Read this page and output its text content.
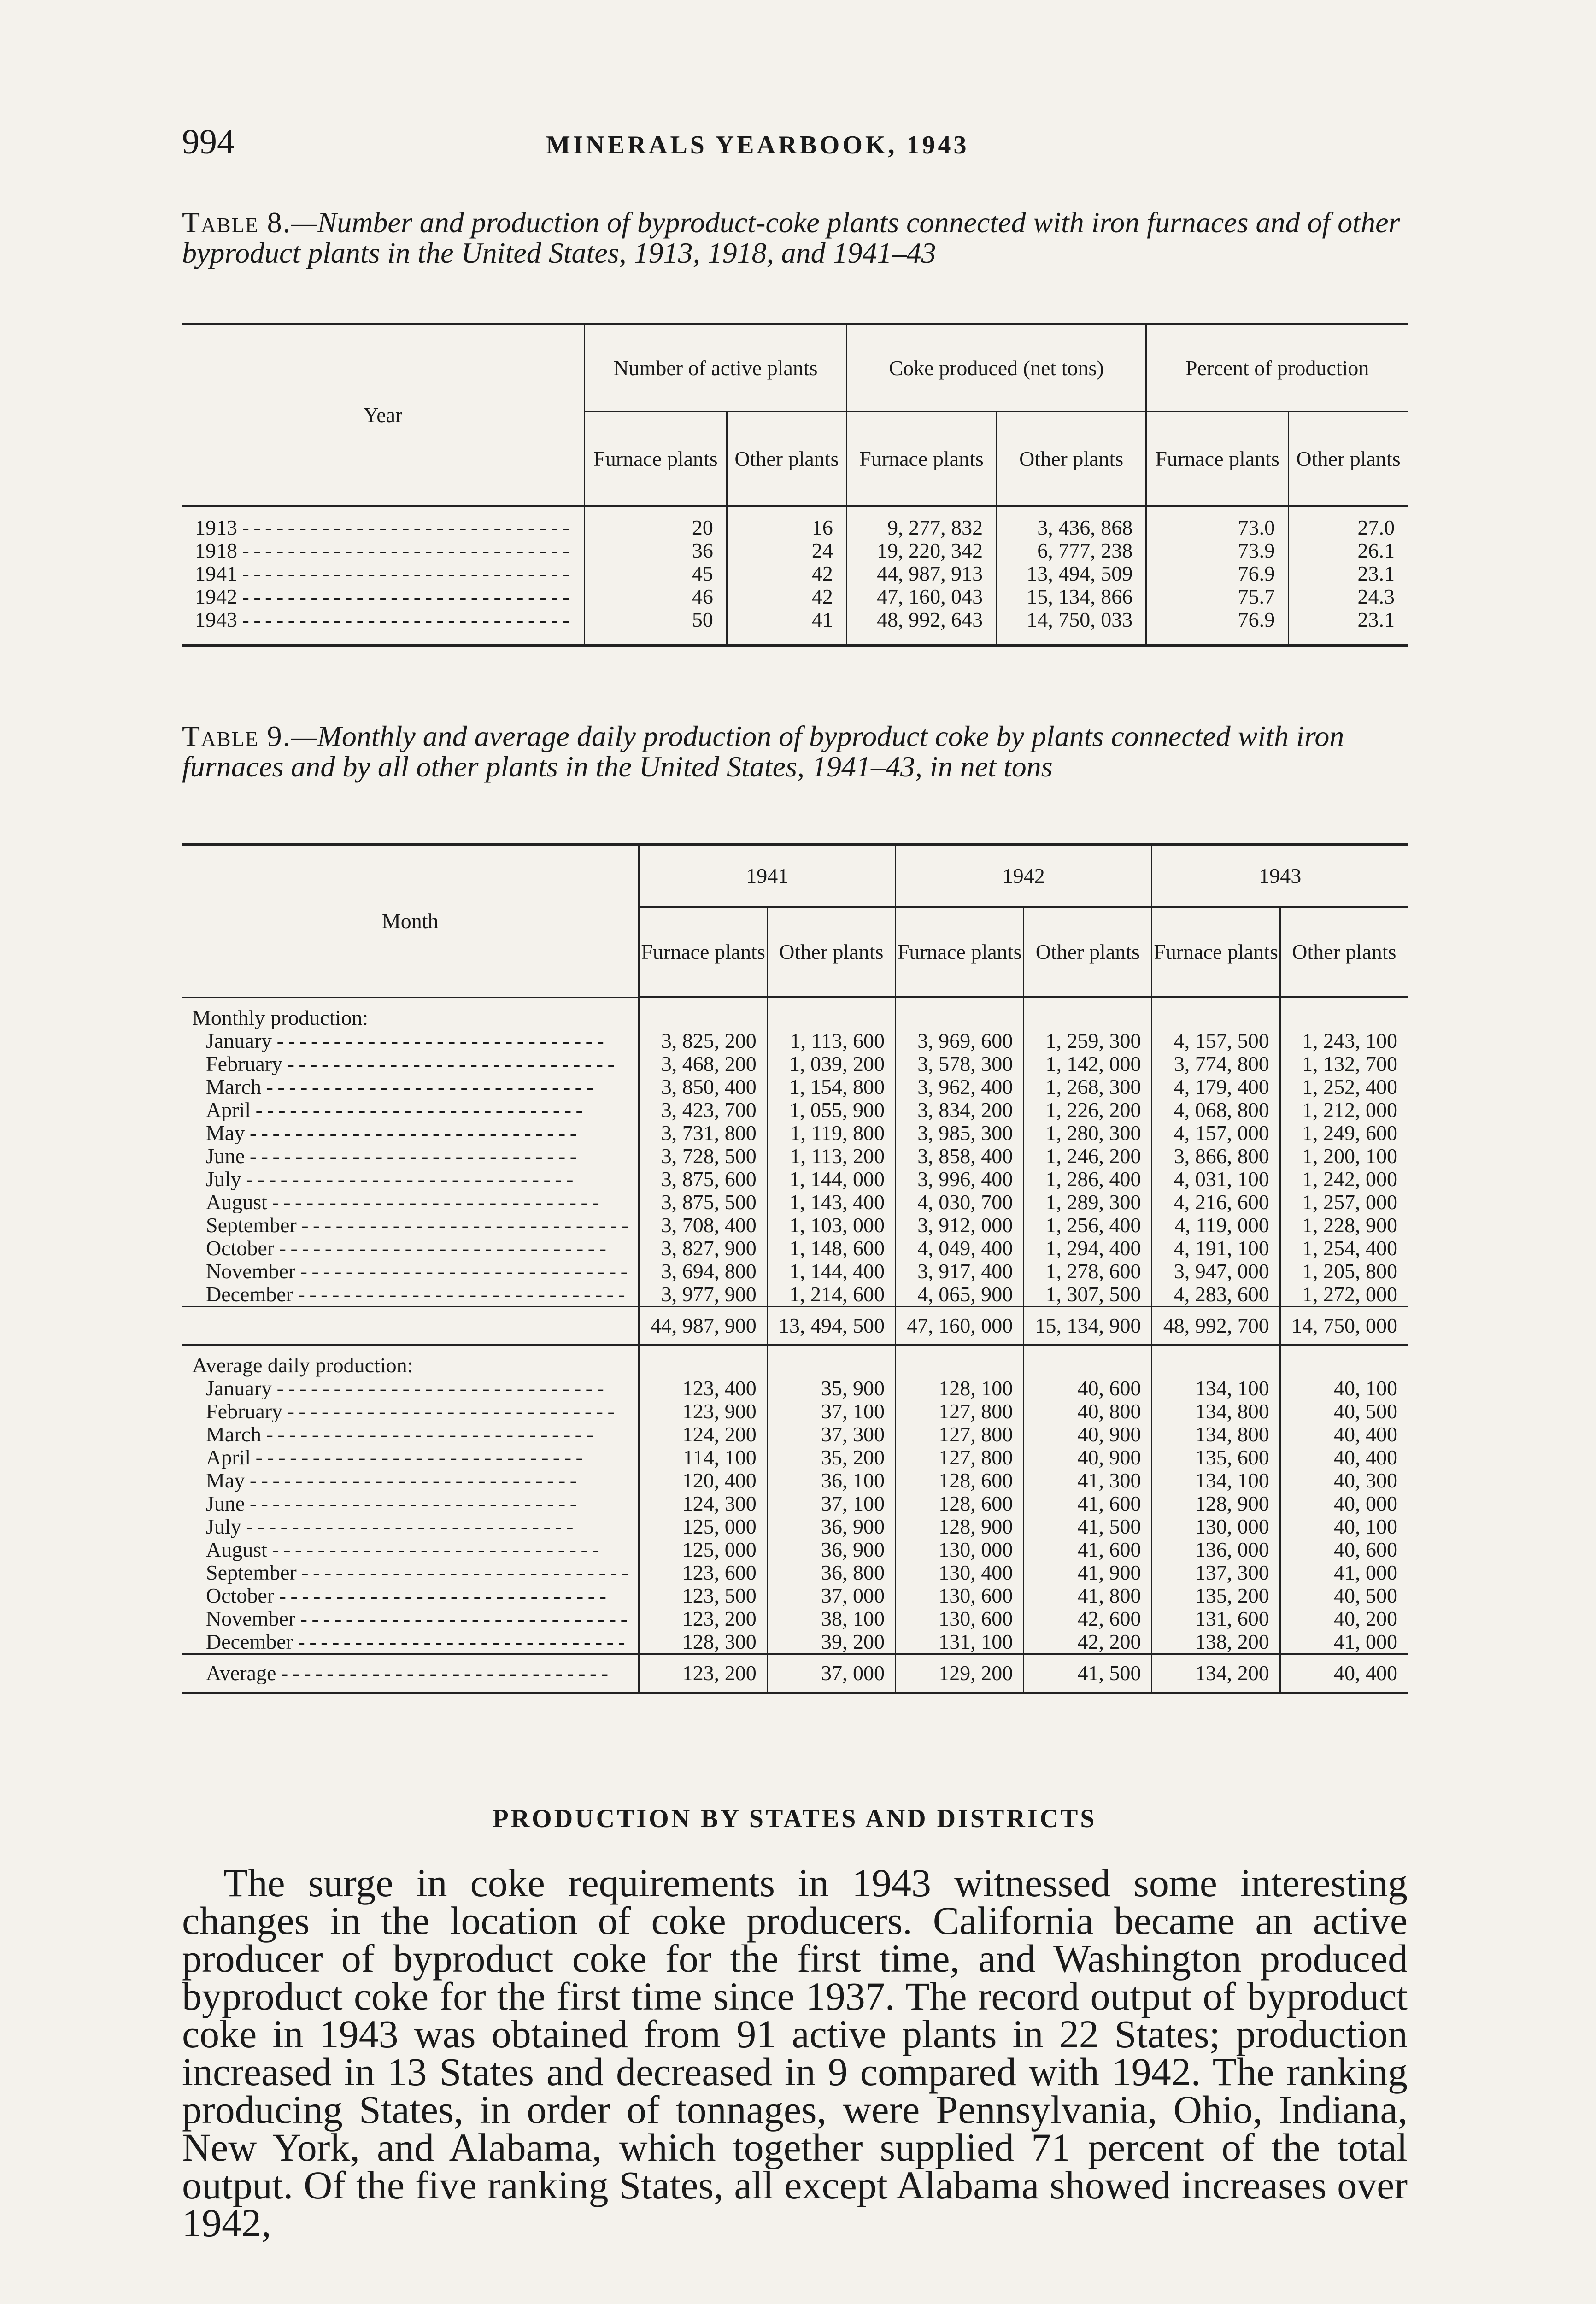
994	MINERALS YEARBOOK, 1943
Table 8.—Number and production of byproduct-coke plants connected with iron furnaces and of other byproduct plants in the United States, 1913, 1918, and 1941–43
Year	Number of active plants		Coke produced (net tons)		Percent of production	
	Furnace plants	Other plants	Furnace plants	Other plants	Furnace plants	Other plants

1913 - - -	20	16	9, 277, 832	3, 436, 868	73.0	27.0

1918 - - -	36	24	19, 220, 342	6, 777, 238	73.9	26.1

1941 - - -	45	42	44, 987, 913	13, 494, 509	76.9	23.1

1942 - - -	46	42	47, 160, 043	15, 134, 866	75.7	24.3

1943 - - -	50	41	48, 992, 643	14, 750, 033	76.9	23.1
Table 9.—Monthly and average daily production of byproduct coke by plants connected with iron furnaces and by all other plants in the United States, 1941–43, in net tons
Month	1941		1942		1943	
	Furnace plants	Other plants	Furnace plants	Other plants	Furnace plants	Other plants
Monthly production:						

January - - -	3, 825, 200	1, 113, 600	3, 969, 600	1, 259, 300	4, 157, 500	1, 243, 100

February - - -	3, 468, 200	1, 039, 200	3, 578, 300	1, 142, 000	3, 774, 800	1, 132, 700

March - - -	3, 850, 400	1, 154, 800	3, 962, 400	1, 268, 300	4, 179, 400	1, 252, 400

April - - -	3, 423, 700	1, 055, 900	3, 834, 200	1, 226, 200	4, 068, 800	1, 212, 000

May - - -	3, 731, 800	1, 119, 800	3, 985, 300	1, 280, 300	4, 157, 000	1, 249, 600

June - - -	3, 728, 500	1, 113, 200	3, 858, 400	1, 246, 200	3, 866, 800	1, 200, 100

July - - -	3, 875, 600	1, 144, 000	3, 996, 400	1, 286, 400	4, 031, 100	1, 242, 000

August - - -	3, 875, 500	1, 143, 400	4, 030, 700	1, 289, 300	4, 216, 600	1, 257, 000

September - - -	3, 708, 400	1, 103, 000	3, 912, 000	1, 256, 400	4, 119, 000	1, 228, 900

October - - -	3, 827, 900	1, 148, 600	4, 049, 400	1, 294, 400	4, 191, 100	1, 254, 400

November - - -	3, 694, 800	1, 144, 400	3, 917, 400	1, 278, 600	3, 947, 000	1, 205, 800

December - - -	3, 977, 900	1, 214, 600	4, 065, 900	1, 307, 500	4, 283, 600	1, 272, 000
	44, 987, 900	13, 494, 500	47, 160, 000	15, 134, 900	48, 992, 700	14, 750, 000
Average daily production:						

January - - -	123, 400	35, 900	128, 100	40, 600	134, 100	40, 100

February - - -	123, 900	37, 100	127, 800	40, 800	134, 800	40, 500

March - - -	124, 200	37, 300	127, 800	40, 900	134, 800	40, 400

April - - -	114, 100	35, 200	127, 800	40, 900	135, 600	40, 400

May - - -	120, 400	36, 100	128, 600	41, 300	134, 100	40, 300

June - - -	124, 300	37, 100	128, 600	41, 600	128, 900	40, 000

July - - -	125, 000	36, 900	128, 900	41, 500	130, 000	40, 100

August - - -	125, 000	36, 900	130, 000	41, 600	136, 000	40, 600

September - - -	123, 600	36, 800	130, 400	41, 900	137, 300	41, 000

October - - -	123, 500	37, 000	130, 600	41, 800	135, 200	40, 500

November - - -	123, 200	38, 100	130, 600	42, 600	131, 600	40, 200

December - - -	128, 300	39, 200	131, 100	42, 200	138, 200	41, 000

Average - - -	123, 200	37, 000	129, 200	41, 500	134, 200	40, 400
PRODUCTION BY STATES AND DISTRICTS
The surge in coke requirements in 1943 witnessed some interesting changes in the location of coke producers. California became an active producer of byproduct coke for the first time, and Washington produced byproduct coke for the first time since 1937. The record output of byproduct coke in 1943 was obtained from 91 active plants in 22 States; production increased in 13 States and decreased in 9 compared with 1942. The ranking producing States, in order of tonnages, were Pennsylvania, Ohio, Indiana, New York, and Alabama, which together supplied 71 percent of the total output. Of the five ranking States, all except Alabama showed increases over 1942,
